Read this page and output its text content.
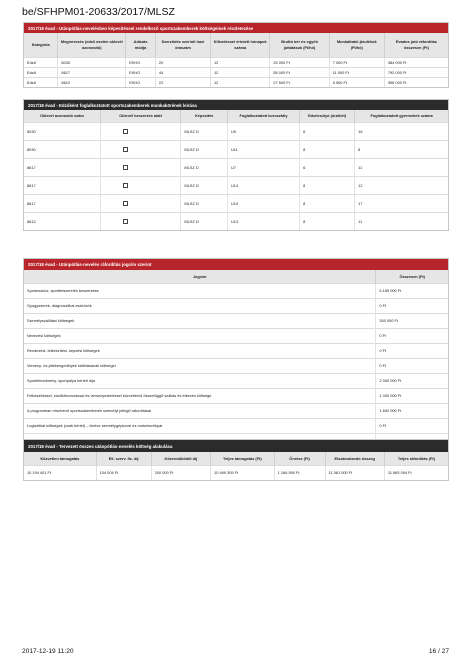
be/SFHPM01-20633/2017/MLSZ
2017/18 évad - Utánpótlás-nevelésben képesítéssel rendelkező sportszakemberek költségeinek részletezése
Kategória	Megnevezés (edző esetén oklevél azonosító)	Adózás módja	Szerződés szerinti havi óraszám	Kifizetéssel érintett hónapok száma	Bruttó bér és egyéb juttatások (Ft/hó)	Munkáltatói járulékok (Ft/hó)	Évados jutó ráfordítás összesen (Ft)
Edző	8030	EKHO	20	12	25 000 Ft	7 000 Ft	384 000 Ft
Edző	8617	EKHO	44	12	55 000 Ft	11 000 Ft	792 000 Ft
Edző	8612	EKHO	22	12	27 500 Ft	5 500 Ft	396 000 Ft
2017/18 évad - Edzőként foglalkoztatott sportszakemberek munkakörének leírása
Oklevél azonosító szám	Oklevél beszerzés alatt	Képesítés	Foglalkoztatott korosztály	Edzéssúlyó (óra/hét)	Foglalkoztatott gyermekek száma
8030		MLSZ D	U9	6	16
8030		MLSZ D	U11	8	8
8617		MLSZ D	U7	6	11
8617		MLSZ D	U14	8	12
8617		MLSZ D	U19	8	17
8612		MLSZ D	U13	8	11
2017/18 évad - Utánpótlás-nevelés ráfordítás jogcím szerint
Jogcím	Összesen (Ft)
Sporteszköz, sportfelszerelés beszerzése	6 169 000 Ft
Gyógyszerek, diagnosztikai eszközök	0 Ft
Személyszállítási költségek	300 000 Ft
Nevezési költségek	0 Ft
Rendezési, felkészítési, képzési költségek	0 Ft
Verseny- és játékengedélyek kiállításának költségei	0 Ft
Sportlétesítmény, sportpálya bérleti díja	2 000 000 Ft
Felkészítéssel, edzőtáborozással és versenyeztetéssel közvetlenül összefüggő szállás és étkezés költsége	1 000 000 Ft
A programban résztvevő sportszakemberek személyi jellegű ráfordításai	1 692 000 Ft
Logisztikai költségek (csak bérlet) – kivéve személygépkocsi és motorkerékpár	0 Ft

2017/18 évad - Tervezett összes utánpótlás-nevelés költség alakulása
Közvetlen támogatás	Ell. szerv. fiz. díj	Közreműködői díj	Teljes támogatás (Ft)	Önrész (Ft)	Elszámolandó összeg	Teljes ráfordítás (Ft)
10 194 401 Ft	104 004 Ft	200 000 Ft	10 499 305 Ft	1 166 590 Ft	11 561 000 Ft	11 665 094 Ft
2017-12-19 11:20	16 / 27
